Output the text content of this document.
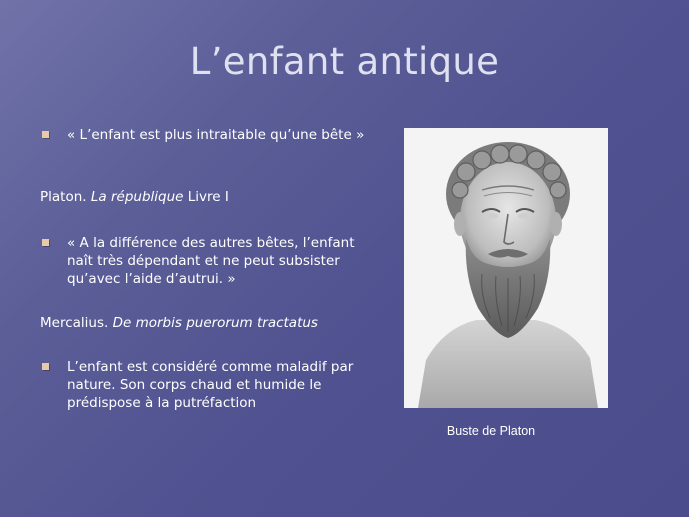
L’enfant antique

« L’enfant est plus intraitable qu’une bête »

Platon. La république Livre I

« A la différence des autres bêtes, l’enfant naît très dépendant et ne peut subsister qu’avec l’aide d’autrui. »

Mercalius. De morbis puerorum tractatus

L’enfant est considéré comme maladif par nature. Son corps chaud et humide le prédispose à la putréfaction

Buste de Platon
